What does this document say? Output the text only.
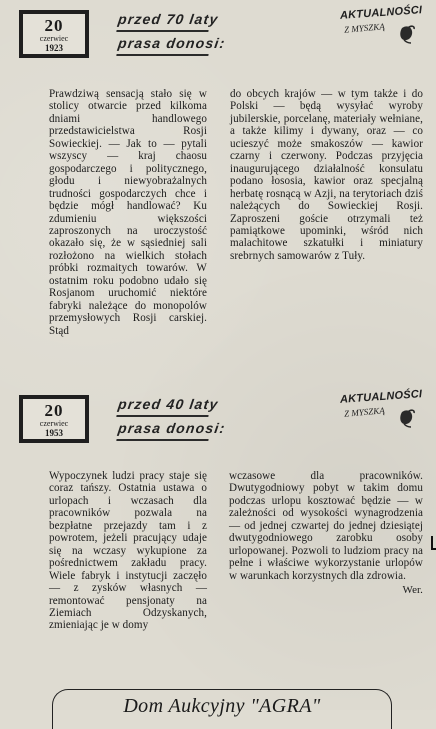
20
czerwiec
1923
przed 70 laty
prasa donosi:
AKTUALNOŚCI
Z MYSZKĄ
Prawdziwą sensacją stało się w stolicy otwarcie przed kilkoma dniami handlowego przedstawicielstwa Rosji Sowieckiej. — Jak to — pytali wszyscy — kraj chaosu gospodarczego i politycznego, głodu i niewyobrażalnych trudności gospodarczych chce i będzie mógł handlować? Ku zdumieniu większości zaproszonych na uroczystość okazało się, że w sąsiedniej sali rozłożono na wielkich stołach próbki rozmaitych towarów. W ostatnim roku podobno udało się Rosjanom uruchomić niektóre fabryki należące do monopolów przemysłowych Rosji carskiej. Stąd
do obcych krajów — w tym także i do Polski — będą wysyłać wyroby jubilerskie, porcelanę, materiały wełniane, a także kilimy i dywany, oraz — co ucieszyć może smakoszów — kawior czarny i czerwony. Podczas przyjęcia inaugurującego działalność konsulatu podano łososia, kawior oraz specjalną herbatę rosnącą w Azji, na terytoriach dziś należących do Sowieckiej Rosji. Zaproszeni goście otrzymali też pamiątkowe upominki, wśród nich malachitowe szkatułki i miniatury srebrnych samowarów z Tuły.
20
czerwiec
1953
przed 40 laty
prasa donosi:
AKTUALNOŚCI
Z MYSZKĄ
Wypoczynek ludzi pracy staje się coraz tańszy. Ostatnia ustawa o urlopach i wczasach dla pracowników pozwala na bezpłatne przejazdy tam i z powrotem, jeżeli pracujący udaje się na wczasy wykupione za pośrednictwem zakładu pracy. Wiele fabryk i instytucji zaczęło — z zysków własnych — remontować pensjonaty na Ziemiach Odzyskanych, zmieniając je w domy
wczasowe dla pracowników. Dwutygodniowy pobyt w takim domu podczas urlopu kosztować będzie — w zależności od wysokości wynagrodzenia — od jednej czwartej do jednej dziesiątej dwutygodniowego zarobku osoby urlopowanej. Pozwoli to ludziom pracy na pełne i właściwe wykorzystanie urlopów w warunkach korzystnych dla zdrowia.
Wer.
Dom Aukcyjny "AGRA"
